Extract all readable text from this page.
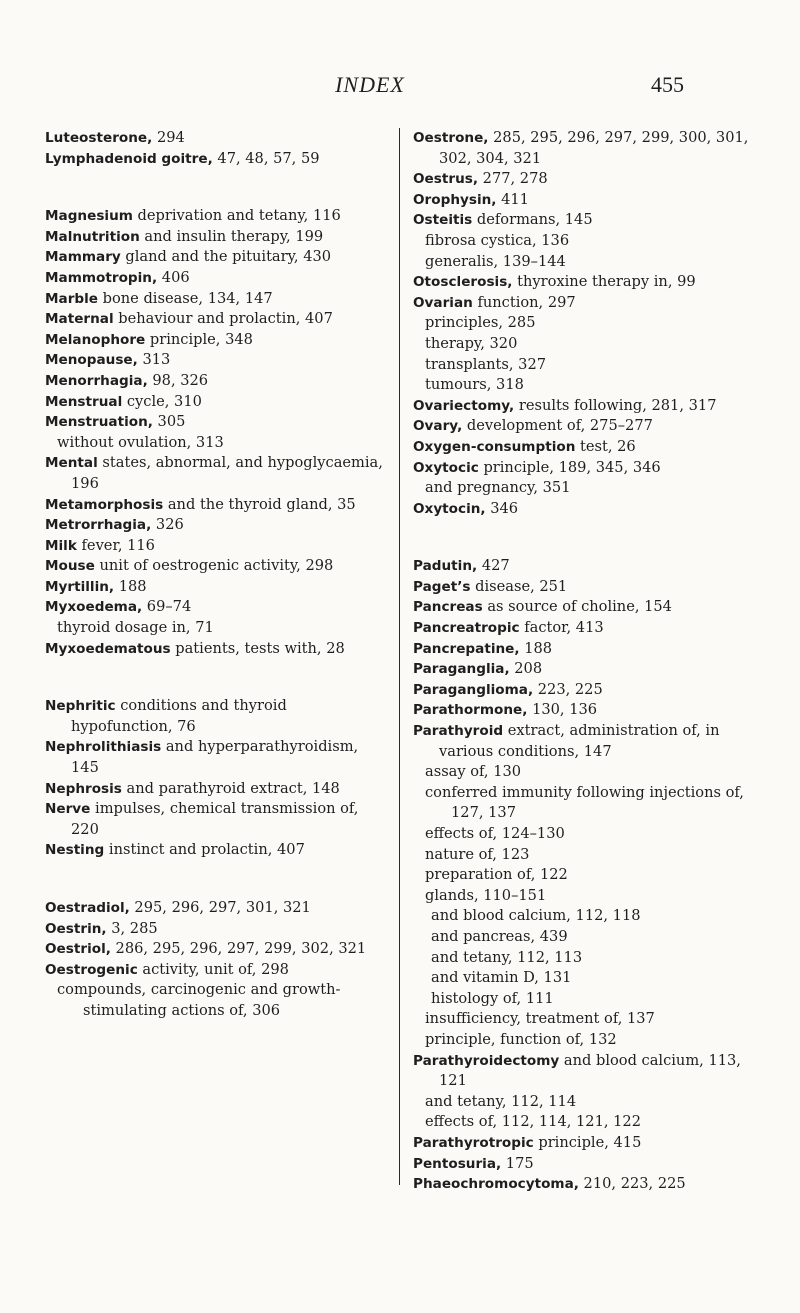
INDEX	455

Luteosterone, 294

Lymphadenoid goitre, 47, 48, 57, 59

Magnesium deprivation and tetany, 116

Malnutrition and insulin therapy, 199

Mammary gland and the pituitary, 430

Mammotropin, 406

Marble bone disease, 134, 147

Maternal behaviour and prolactin, 407

Melanophore principle, 348

Menopause, 313

Menorrhagia, 98, 326

Menstrual cycle, 310

Menstruation, 305

without ovulation, 313

Mental states, abnormal, and hypoglycaemia, 196

Metamorphosis and the thyroid gland, 35

Metrorrhagia, 326

Milk fever, 116

Mouse unit of oestrogenic activity, 298

Myrtillin, 188

Myxoedema, 69–74

thyroid dosage in, 71

Myxoedematous patients, tests with, 28

Nephritic conditions and thyroid hypofunction, 76

Nephrolithiasis and hyperparathyroidism, 145

Nephrosis and parathyroid extract, 148

Nerve impulses, chemical transmission of, 220

Nesting instinct and prolactin, 407

Oestradiol, 295, 296, 297, 301, 321

Oestrin, 3, 285

Oestriol, 286, 295, 296, 297, 299, 302, 321

Oestrogenic activity, unit of, 298

compounds, carcinogenic and growth-stimulating actions of, 306

Oestrone, 285, 295, 296, 297, 299, 300, 301, 302, 304, 321

Oestrus, 277, 278

Orophysin, 411

Osteitis deformans, 145

fibrosa cystica, 136

generalis, 139–144

Otosclerosis, thyroxine therapy in, 99

Ovarian function, 297

principles, 285

therapy, 320

transplants, 327

tumours, 318

Ovariectomy, results following, 281, 317

Ovary, development of, 275–277

Oxygen-consumption test, 26

Oxytocic principle, 189, 345, 346

and pregnancy, 351

Oxytocin, 346

Padutin, 427

Paget’s disease, 251

Pancreas as source of choline, 154

Pancreatropic factor, 413

Pancrepatine, 188

Paraganglia, 208

Paraganglioma, 223, 225

Parathormone, 130, 136

Parathyroid extract, administration of, in various conditions, 147

assay of, 130

conferred immunity following injections of, 127, 137

effects of, 124–130

nature of, 123

preparation of, 122

glands, 110–151

and blood calcium, 112, 118

and pancreas, 439

and tetany, 112, 113

and vitamin D, 131

histology of, 111

insufficiency, treatment of, 137

principle, function of, 132

Parathyroidectomy and blood calcium, 113, 121

and tetany, 112, 114

effects of, 112, 114, 121, 122

Parathyrotropic principle, 415

Pentosuria, 175

Phaeochromocytoma, 210, 223, 225
